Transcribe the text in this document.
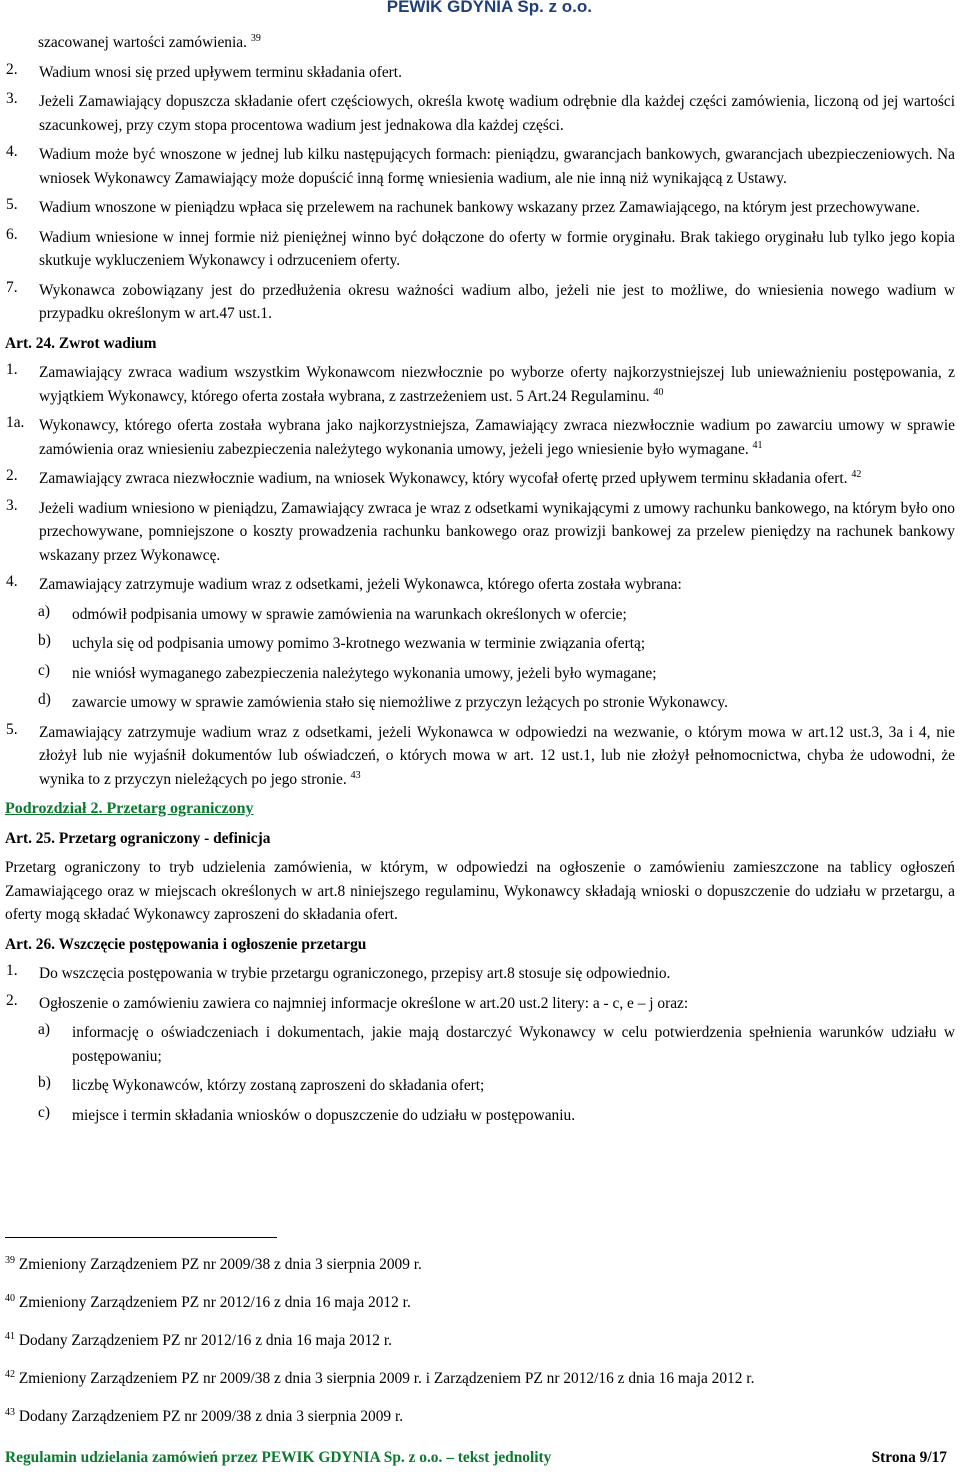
PEWIK GDYNIA Sp. z o.o.

szacowanej wartości zamówienia. $^{39}$

2.	Wadium wnosi się przed upływem terminu składania ofert.

3.	Jeżeli Zamawiający dopuszcza składanie ofert częściowych, określa kwotę wadium odrębnie dla każdej części zamówienia, liczoną od jej wartości szacunkowej, przy czym stopa procentowa wadium jest jednakowa dla każdej części.

4.	Wadium może być wnoszone w jednej lub kilku następujących formach: pieniądzu, gwarancjach bankowych, gwarancjach ubezpieczeniowych. Na wniosek Wykonawcy Zamawiający może dopuścić inną formę wniesienia wadium, ale nie inną niż wynikającą z Ustawy.

5.	Wadium wnoszone w pieniądzu wpłaca się przelewem na rachunek bankowy wskazany przez Zamawiającego, na którym jest przechowywane.

6.	Wadium wniesione w innej formie niż pieniężnej winno być dołączone do oferty w formie oryginału. Brak takiego oryginału lub tylko jego kopia skutkuje wykluczeniem Wykonawcy i odrzuceniem oferty.

7.	Wykonawca zobowiązany jest do przedłużenia okresu ważności wadium albo, jeżeli nie jest to możliwe, do wniesienia nowego wadium w przypadku określonym w art.47 ust.1.

Art. 24. Zwrot wadium

1.	Zamawiający zwraca wadium wszystkim Wykonawcom niezwłocznie po wyborze oferty najkorzystniejszej lub unieważnieniu postępowania, z wyjątkiem Wykonawcy, którego oferta została wybrana, z zastrzeżeniem ust. 5 Art.24 Regulaminu. $^{40}$

1a. Wykonawcy, którego oferta została wybrana jako najkorzystniejsza, Zamawiający zwraca niezwłocznie wadium po zawarciu umowy w sprawie zamówienia oraz wniesieniu zabezpieczenia należytego wykonania umowy, jeżeli jego wniesienie było wymagane. $^{41}$

2.	Zamawiający zwraca niezwłocznie wadium, na wniosek Wykonawcy, który wycofał ofertę przed upływem terminu składania ofert. $^{42}$

3.	Jeżeli wadium wniesiono w pieniądzu, Zamawiający zwraca je wraz z odsetkami wynikającymi z umowy rachunku bankowego, na którym było ono przechowywane, pomniejszone o koszty prowadzenia rachunku bankowego oraz prowizji bankowej za przelew pieniędzy na rachunek bankowy wskazany przez Wykonawcę.

4.	Zamawiający zatrzymuje wadium wraz z odsetkami, jeżeli Wykonawca, którego oferta została wybrana:

a)	odmówił podpisania umowy w sprawie zamówienia na warunkach określonych w ofercie;

b)	uchyla się od podpisania umowy pomimo 3-krotnego wezwania w terminie związania ofertą;

c)	nie wniósł wymaganego zabezpieczenia należytego wykonania umowy, jeżeli było wymagane;

d)	zawarcie umowy w sprawie zamówienia stało się niemożliwe z przyczyn leżących po stronie Wykonawcy.

5.	Zamawiający zatrzymuje wadium wraz z odsetkami, jeżeli Wykonawca w odpowiedzi na wezwanie, o którym mowa w art.12 ust.3, 3a i 4, nie złożył lub nie wyjaśnił dokumentów lub oświadczeń, o których mowa w art. 12 ust.1, lub nie złożył pełnomocnictwa, chyba że udowodni, że wynika to z przyczyn nieleżących po jego stronie. $^{43}$

Podrozdział 2. Przetarg ograniczony

Art. 25. Przetarg ograniczony - definicja

Przetarg ograniczony to tryb udzielenia zamówienia, w którym, w odpowiedzi na ogłoszenie o zamówieniu zamieszczone na tablicy ogłoszeń Zamawiającego oraz w miejscach określonych w art.8 niniejszego regulaminu, Wykonawcy składają wnioski o dopuszczenie do udziału w przetargu, a oferty mogą składać Wykonawcy zaproszeni do składania ofert.

Art. 26. Wszczęcie postępowania i ogłoszenie przetargu

1.	Do wszczęcia postępowania w trybie przetargu ograniczonego, przepisy art.8 stosuje się odpowiednio.

2.	Ogłoszenie o zamówieniu zawiera co najmniej informacje określone w art.20 ust.2 litery: a - c, e – j oraz:

a)	informację o oświadczeniach i dokumentach, jakie mają dostarczyć Wykonawcy w celu potwierdzenia spełnienia warunków udziału w postępowaniu;

b)	liczbę Wykonawców, którzy zostaną zaproszeni do składania ofert;

c)	miejsce i termin składania wniosków o dopuszczenie do udziału w postępowaniu.

$^{39}$ Zmieniony Zarządzeniem PZ nr 2009/38 z dnia 3 sierpnia 2009 r.

$^{40}$ Zmieniony Zarządzeniem PZ nr 2012/16 z dnia 16 maja 2012 r.

$^{41}$ Dodany Zarządzeniem PZ nr 2012/16 z dnia 16 maja 2012 r.

$^{42}$ Zmieniony Zarządzeniem PZ nr 2009/38 z dnia 3 sierpnia 2009 r. i Zarządzeniem PZ nr 2012/16 z dnia 16 maja 2012 r.

$^{43}$ Dodany Zarządzeniem PZ nr 2009/38 z dnia 3 sierpnia 2009 r.

Regulamin udzielania zamówień przez PEWIK GDYNIA Sp. z o.o. – tekst jednolity	Strona 9/17
